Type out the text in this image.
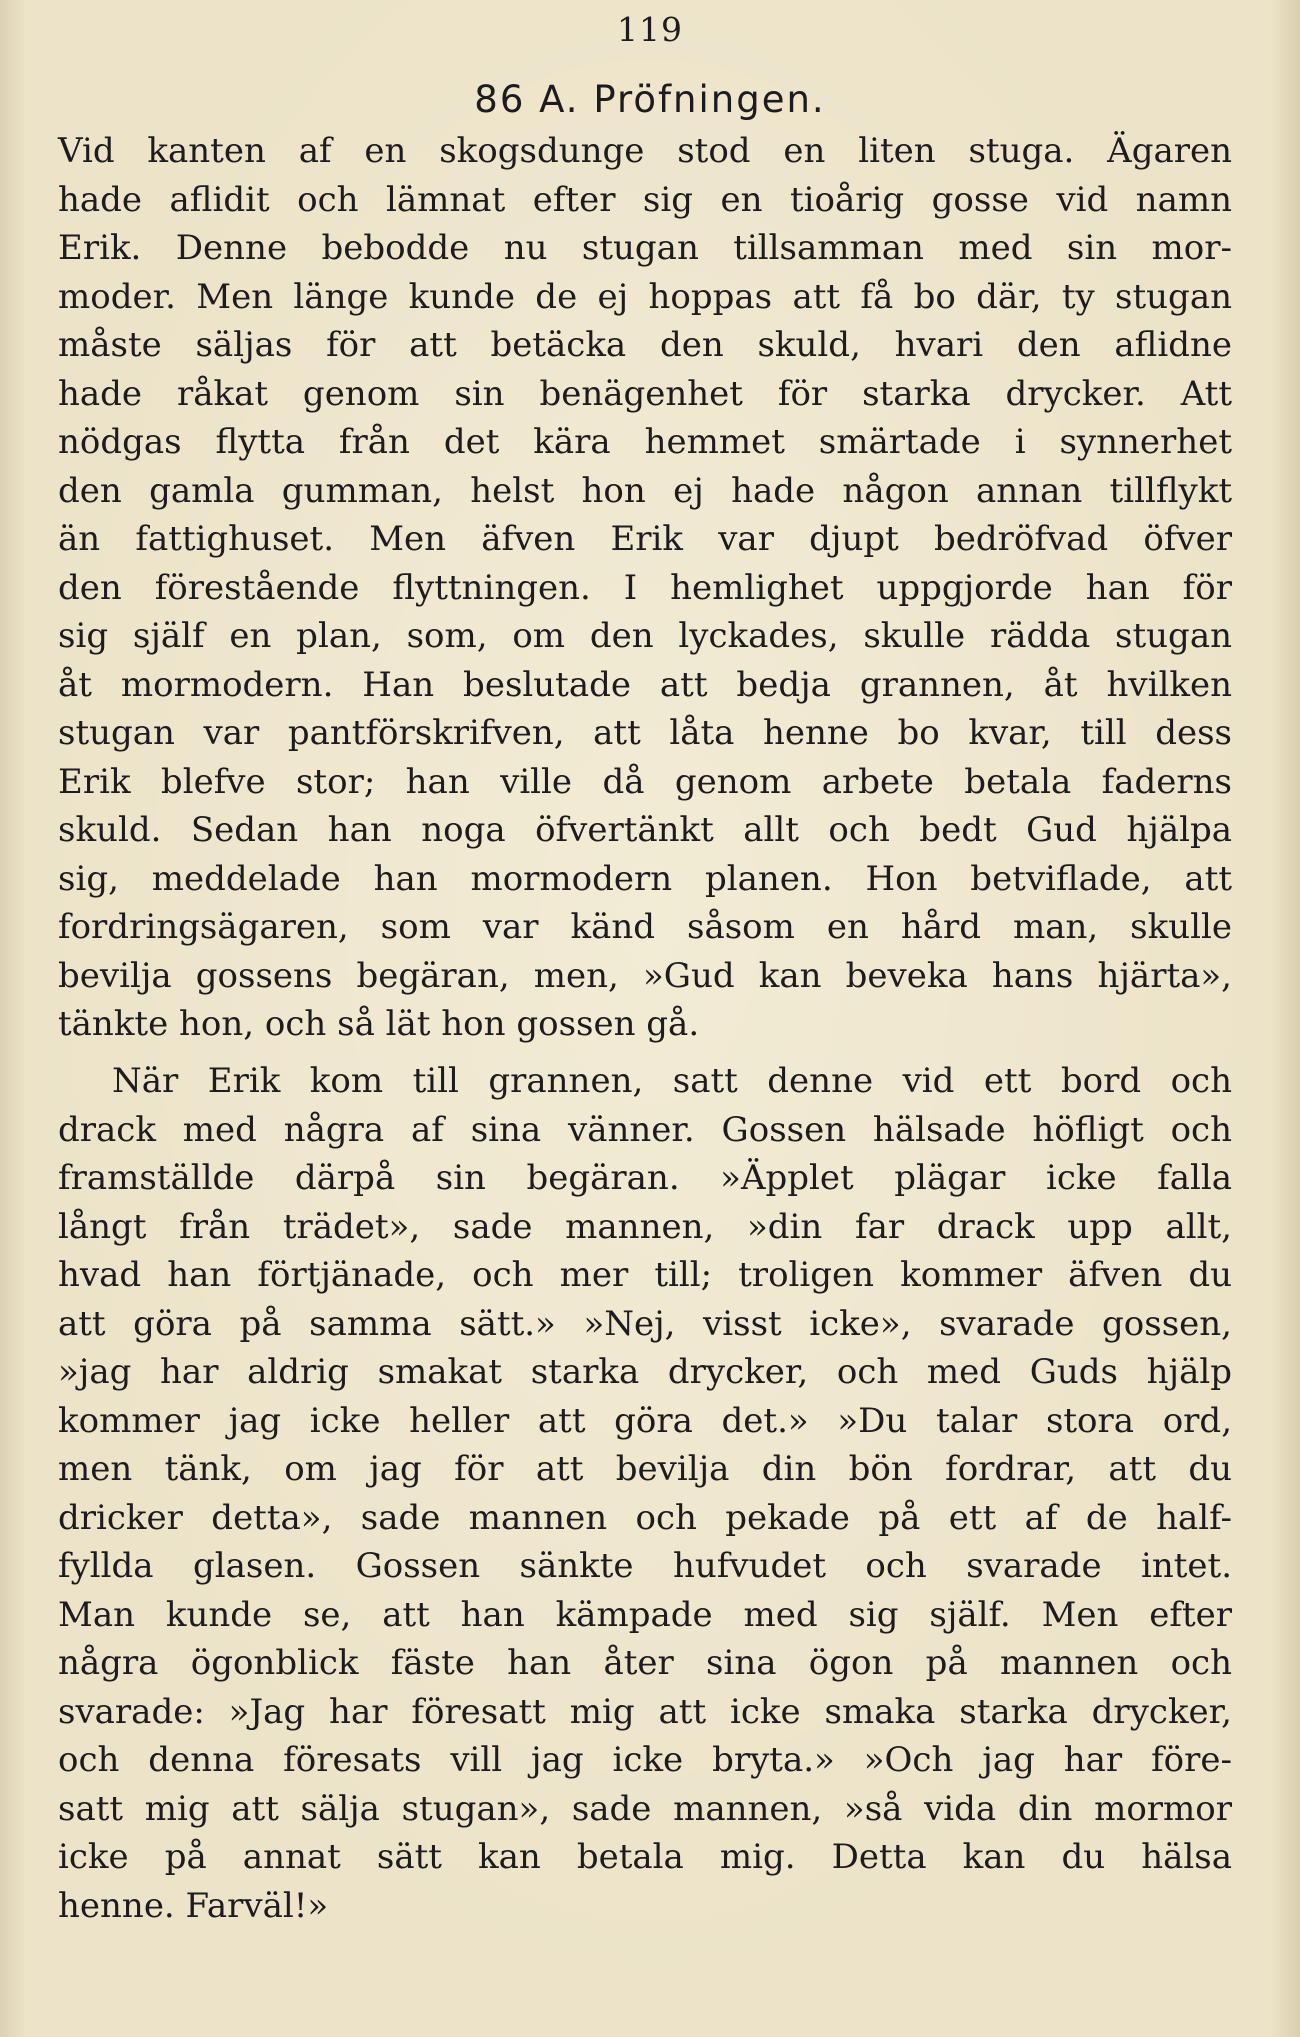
119
86 A. Pröfningen.
Vid kanten af en skogsdunge stod en liten stuga. Ägaren
hade aflidit och lämnat efter sig en tioårig gosse vid namn
Erik. Denne bebodde nu stugan tillsamman med sin mor-
moder. Men länge kunde de ej hoppas att få bo där, ty stugan
måste säljas för att betäcka den skuld, hvari den aflidne
hade råkat genom sin benägenhet för starka drycker. Att
nödgas flytta från det kära hemmet smärtade i synnerhet
den gamla gumman, helst hon ej hade någon annan tillflykt
än fattighuset. Men äfven Erik var djupt bedröfvad öfver
den förestående flyttningen. I hemlighet uppgjorde han för
sig själf en plan, som, om den lyckades, skulle rädda stugan
åt mormodern. Han beslutade att bedja grannen, åt hvilken
stugan var pantförskrifven, att låta henne bo kvar, till dess
Erik blefve stor; han ville då genom arbete betala faderns
skuld. Sedan han noga öfvertänkt allt och bedt Gud hjälpa
sig, meddelade han mormodern planen. Hon betviflade, att
fordringsägaren, som var känd såsom en hård man, skulle
bevilja gossens begäran, men, »Gud kan beveka hans hjärta»,
tänkte hon, och så lät hon gossen gå.
När Erik kom till grannen, satt denne vid ett bord och
drack med några af sina vänner. Gossen hälsade höfligt och
framställde därpå sin begäran. »Äpplet plägar icke falla
långt från trädet», sade mannen, »din far drack upp allt,
hvad han förtjänade, och mer till; troligen kommer äfven du
att göra på samma sätt.» »Nej, visst icke», svarade gossen,
»jag har aldrig smakat starka drycker, och med Guds hjälp
kommer jag icke heller att göra det.» »Du talar stora ord,
men tänk, om jag för att bevilja din bön fordrar, att du
dricker detta», sade mannen och pekade på ett af de half-
fyllda glasen. Gossen sänkte hufvudet och svarade intet.
Man kunde se, att han kämpade med sig själf. Men efter
några ögonblick fäste han åter sina ögon på mannen och
svarade: »Jag har föresatt mig att icke smaka starka drycker,
och denna föresats vill jag icke bryta.» »Och jag har före-
satt mig att sälja stugan», sade mannen, »så vida din mormor
icke på annat sätt kan betala mig. Detta kan du hälsa
henne. Farväl!»
